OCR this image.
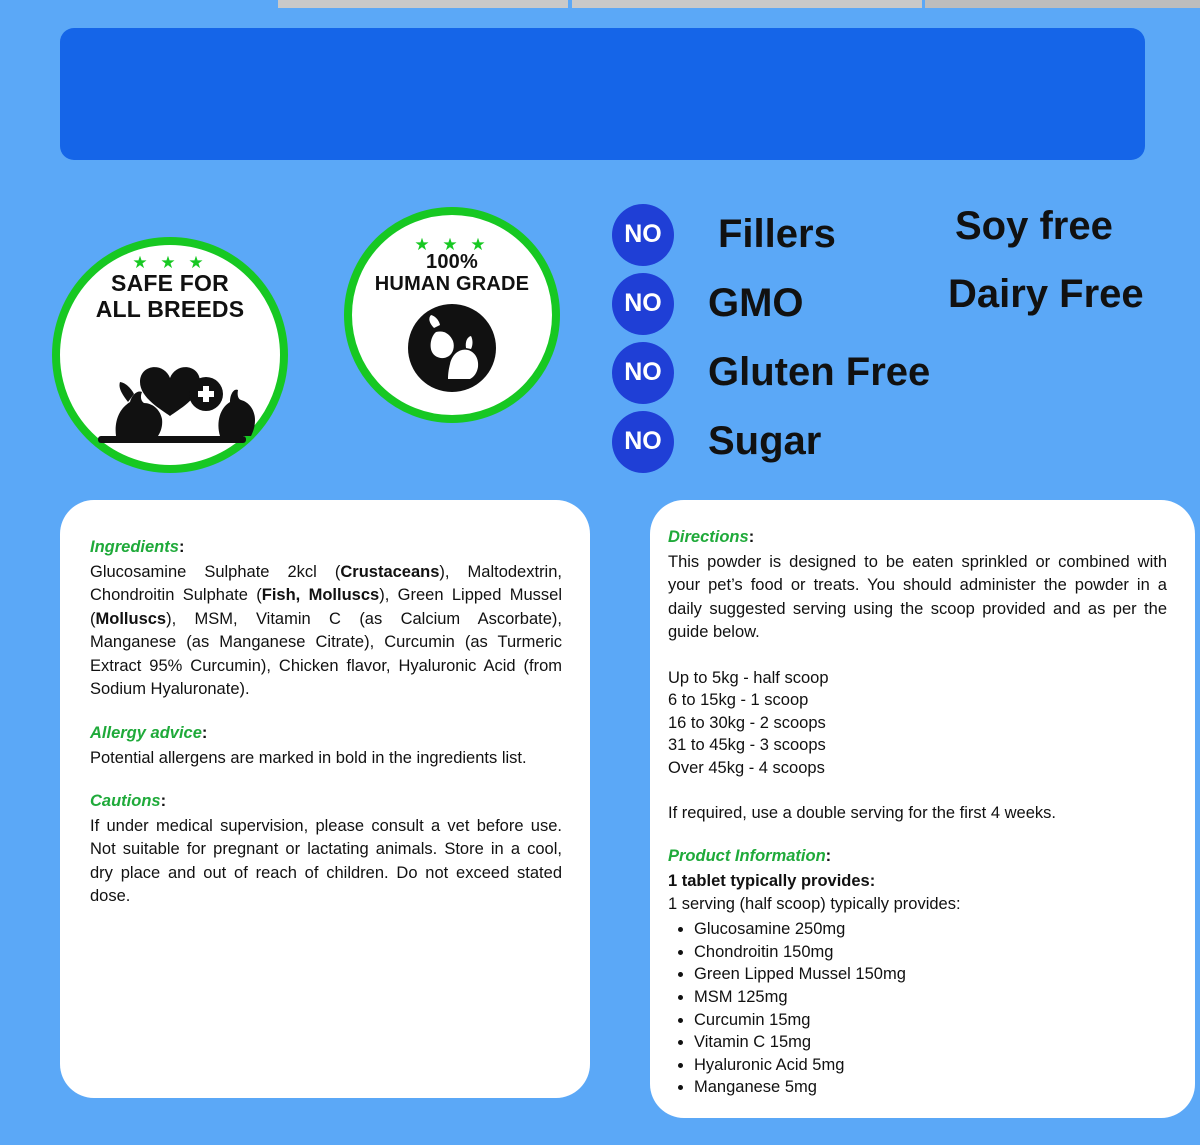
★ ★ ★
SAFE FOR
ALL BREEDS
★ ★ ★
100%
HUMAN GRADE
NO	Fillers
NO	GMO
NO	Gluten Free
NO	Sugar
Soy free
Dairy Free

Ingredients:

Glucosamine Sulphate 2kcl (Crustaceans), Maltodextrin, Chondroitin Sulphate (Fish, Molluscs), Green Lipped Mussel (Molluscs), MSM, Vitamin C (as Calcium Ascorbate), Manganese (as Manganese Citrate), Curcumin (as Turmeric Extract 95% Curcumin), Chicken flavor, Hyaluronic Acid (from Sodium Hyaluronate).

Allergy advice:

Potential allergens are marked in bold in the ingredients list.

Cautions:

If under medical supervision, please consult a vet before use. Not suitable for pregnant or lactating animals. Store in a cool, dry place and out of reach of children. Do not exceed stated dose.

Directions:

This powder is designed to be eaten sprinkled or combined with your pet’s food or treats. You should administer the powder in a daily suggested serving using the scoop provided and as per the guide below.

Up to 5kg - half scoop
6 to 15kg - 1 scoop
16 to 30kg - 2 scoops
31 to 45kg - 3 scoops
Over 45kg - 4 scoops

If required, use a double serving for the first 4 weeks.

Product Information:

1 tablet typically provides:
1 serving (half scoop) typically provides:
• Glucosamine 250mg
• Chondroitin 150mg
• Green Lipped Mussel 150mg
• MSM 125mg
• Curcumin 15mg
• Vitamin C 15mg
• Hyaluronic Acid 5mg
• Manganese 5mg
